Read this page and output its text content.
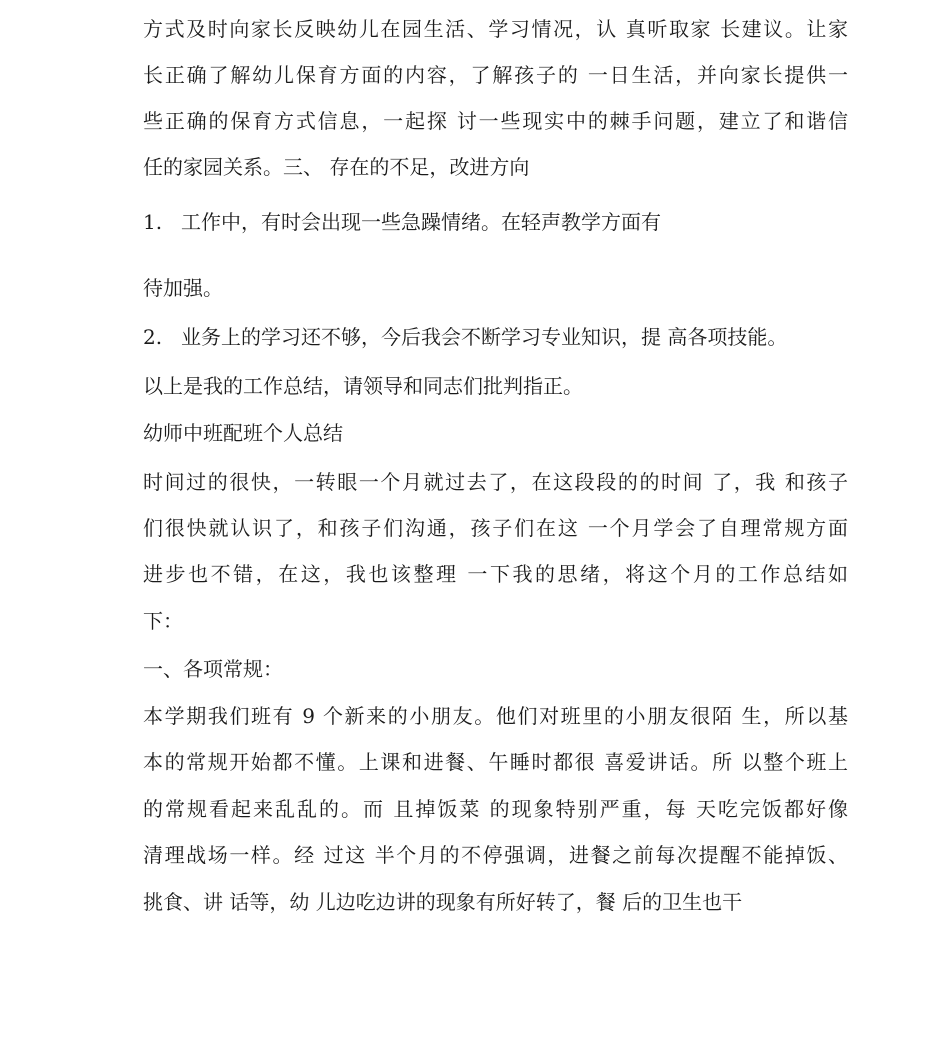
方式及时向家长反映幼儿在园生活、学习情况，认 真听取家 长建议。让家
长正确了解幼儿保育方面的内容，了解孩子的 一日生活，并向家长提供一
些正确的保育方式信息，一起探 讨一些现实中的棘手问题，建立了和谐信
任的家园关系。三、 存在的不足，改进方向
1. 工作中，有时会出现一些急躁情绪。在轻声教学方面有
待加强。
2. 业务上的学习还不够，今后我会不断学习专业知识，提 高各项技能。
以上是我的工作总结，请领导和同志们批判指正。
幼师中班配班个人总结
时间过的很快，一转眼一个月就过去了，在这段段的的时间 了，我 和孩子
们很快就认识了，和孩子们沟通，孩子们在这 一个月学会了自理常规方面
进步也不错，在这，我也该整理 一下我的思绪，将这个月的工作总结如
下：
一、各项常规：
本学期我们班有 9 个新来的小朋友。他们对班里的小朋友很陌 生，所以基
本的常规开始都不懂。上课和进餐、午睡时都很 喜爱讲话。所 以整个班上
的常规看起来乱乱的。而 且掉饭菜 的现象特别严重，每 天吃完饭都好像
清理战场一样。经 过这 半个月的不停强调，进餐之前每次提醒不能掉饭、
挑食、讲 话等，幼 儿边吃边讲的现象有所好转了，餐 后的卫生也干
